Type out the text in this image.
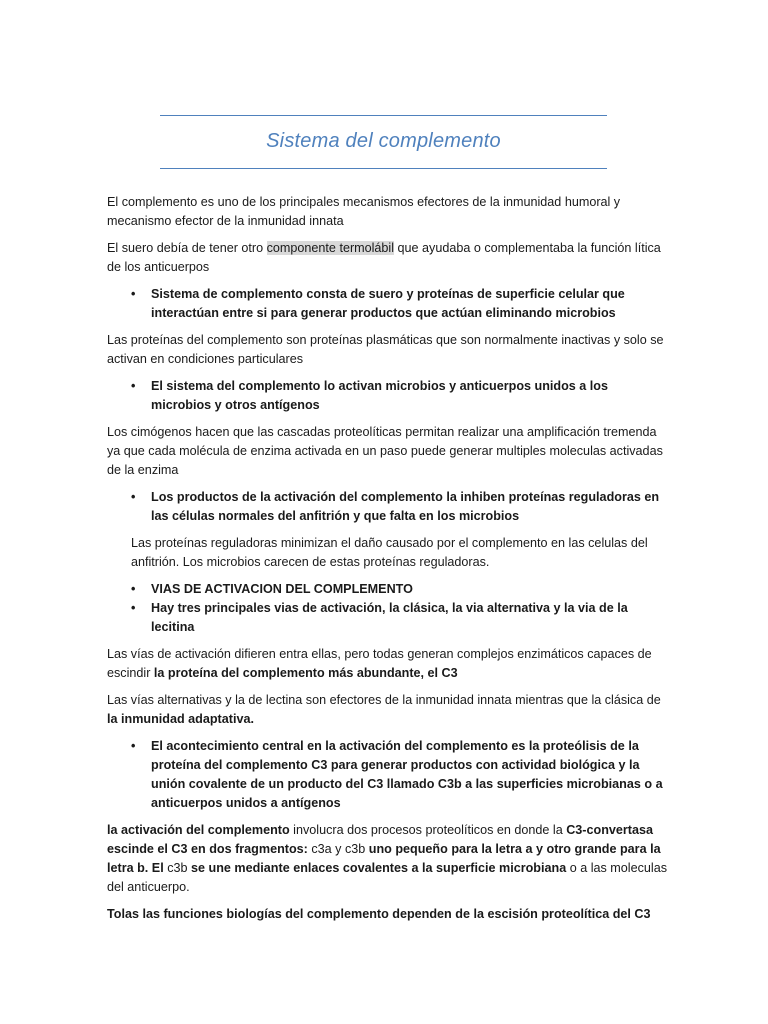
Sistema del complemento

El complemento es uno de los principales mecanismos efectores de la inmunidad humoral y mecanismo efector de la inmunidad innata

El suero debía de tener otro componente termolábil que ayudaba o complementaba la función lítica de los anticuerpos

• Sistema de complemento consta de suero y proteínas de superficie celular que interactúan entre si para generar productos que actúan eliminando microbios

Las proteínas del complemento son proteínas plasmáticas que son normalmente inactivas y solo se activan en condiciones particulares

• El sistema del complemento lo activan microbios y anticuerpos unidos a los microbios y otros antígenos

Los cimógenos hacen que las cascadas proteolíticas permitan realizar una amplificación tremenda ya que cada molécula de enzima activada en un paso puede generar multiples moleculas activadas de la enzima

• Los productos de la activación del complemento la inhiben proteínas reguladoras en las células normales del anfitrión y que falta en los microbios

Las proteínas reguladoras minimizan el daño causado por el complemento en las celulas del anfitrión. Los microbios carecen de estas proteínas reguladoras.

• VIAS DE ACTIVACION DEL COMPLEMENTO
• Hay tres principales vias de activación, la clásica, la via alternativa y la via de la lecitina

Las vías de activación difieren entra ellas, pero todas generan complejos enzimáticos capaces de escindir la proteína del complemento más abundante, el C3

Las vías alternativas y la de lectina son efectores de la inmunidad innata mientras que la clásica de la inmunidad adaptativa.

• El acontecimiento central en la activación del complemento es la proteólisis de la proteína del complemento C3 para generar productos con actividad biológica y la unión covalente de un producto del C3 llamado C3b a las superficies microbianas o a anticuerpos unidos a antígenos

la activación del complemento involucra dos procesos proteolíticos en donde la C3-convertasa escinde el C3 en dos fragmentos: c3a y c3b uno pequeño para la letra a y otro grande para la letra b. El c3b se une mediante enlaces covalentes a la superficie microbiana o a las moleculas del anticuerpo.

Tolas las funciones biologías del complemento dependen de la escisión proteolítica del C3
